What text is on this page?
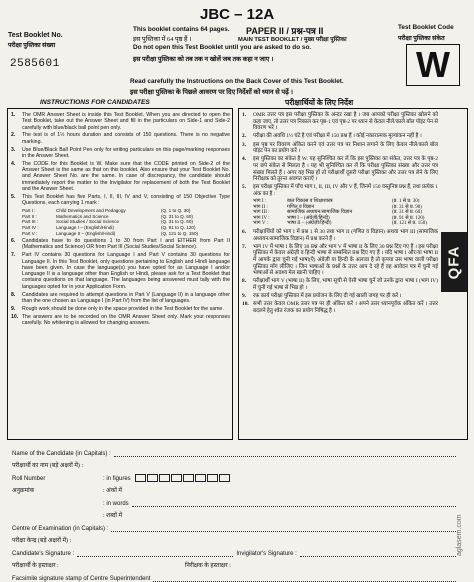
Test Booklet No.
परीक्षा पुस्तिका संख्या
2585601
JBC – 12A
This booklet contains 64 pages.
इस पुस्तिका में 64 पृष्ठ हैं ।
PAPER II / प्रश्न-पत्र II
MAIN TEST BOOKLET / मुख्य परीक्षा पुस्तिका
Do not open this Test Booklet until you are asked to do so.
इस परीक्षा पुस्तिका को तब तक न खोलें जब तक कहा न जाए ।
Read carefully the Instructions on the Back Cover of this Test Booklet.
इस परीक्षा पुस्तिका के पिछले आवरण पर दिए निर्देशों को ध्यान से पढ़ें ।
Test Booklet Code
परीक्षा पुस्तिका संकेत
W
INSTRUCTIONS FOR CANDIDATES	परीक्षार्थियों के लिए निर्देश
1.	The OMR Answer Sheet is inside this Test Booklet. When you are directed to open the Test Booklet, take out the Answer Sheet and fill in the particulars on Side-1 and Side-2 carefully with blue/black ball point pen only.
2.	The test is of 1½ hours duration and consists of 150 questions. There is no negative marking.
3.	Use Blue/Black Ball Point Pen only for writing particulars on this page/marking responses in the Answer Sheet.
4.	The CODE for this Booklet is W. Make sure that the CODE printed on Side-2 of the Answer Sheet is the same as that on this booklet. Also ensure that your Test Booklet No. and Answer Sheet No. are the same. In case of discrepancy, the candidate should immediately report the matter to the Invigilator for replacement of both the Test Booklet and the Answer Sheet.
5.	This Test Booklet has five Parts, I, II, III, IV and V, consisting of 150 Objective Type Questions, each carrying 1 mark :
Part I :	Child Development and Pedagogy	(Q. 1 to Q. 30)
Part II :	Mathematics and Science	(Q. 31 to Q. 60)
Part III :	Social Studies / Social Science	(Q. 31 to Q. 60)
Part IV :	Language I – (English/Hindi)	(Q. 91 to Q. 120)
Part V :	Language II – (English/Hindi)	(Q. 121 to Q. 150)
6.	Candidates have to do questions 1 to 30 from Part I and EITHER from Part II (Mathematics and Science) OR from Part III (Social Studies/Social Science).
7.	Part IV contains 30 questions for Language I and Part V contains 30 questions for Language II. In this Test Booklet, only questions pertaining to English and Hindi language have been given. In case the language(s) you have opted for as Language I and/or Language II is a language other than English or Hindi, please ask for a Test Booklet that contains questions on that language. The languages being answered must tally with the languages opted for in your Application Form.
8.	Candidates are required to attempt questions in Part V (Language II) in a language other than the one chosen as Language I (in Part IV) from the list of languages.
9.	Rough work should be done only in the space provided in the Test Booklet for the same.
10. The answers are to be recorded on the OMR Answer Sheet only. Mark your responses carefully. No whitening is allowed for changing answers.
1.	OMR उत्तर पत्र इस परीक्षा पुस्तिका के अन्दर रखा है । जब आपको परीक्षा पुस्तिका खोलने को कहा जाए, तो उत्तर पत्र निकाल कर पृष्ठ-1 एवं पृष्ठ-2 पर ध्यान से केवल नीले/काले बॉल पॉइंट पेन से विवरण भरें ।
2.	परीक्षा की अवधि 1½ घंटे है एवं परीक्षा में 150 प्रश्न हैं । कोई नकारात्मक मूल्यांकन नहीं है ।
3.	इस पृष्ठ पर विवरण अंकित करने एवं उत्तर पत्र पर निशान लगाने के लिए केवल नीले/काले बॉल पॉइंट पेन का प्रयोग करें ।
4.	इस पुस्तिका का संकेत है W. यह सुनिश्चित कर लें कि इस पुस्तिका का संकेत, उत्तर पत्र के पृष्ठ-2 पर छपे संकेत से मिलता है । यह भी सुनिश्चित कर लें कि परीक्षा पुस्तिका संख्या और उत्तर पत्र संख्या मिलते हैं । अगर यह भिन्न हों तो परीक्षार्थी दूसरी परीक्षा पुस्तिका और उत्तर पत्र लेने के लिए निरीक्षक को तुरन्त अवगत कराएँ ।
5.	इस परीक्षा पुस्तिका में पाँच भाग I, II, III, IV और V हैं, जिनमें 150 वस्तुनिष्ठ प्रश्न हैं, तथा प्रत्येक 1 अंक का है :
भाग I :	बाल विकास व शिक्षाशास्त्र	(प्र. 1 से प्र. 30)
भाग II :	गणित व विज्ञान	(प्र. 31 से प्र. 90)
भाग III :	सामाजिक अध्ययन/सामाजिक विज्ञान	(प्र. 31 से प्र. 60)
भाग IV :	भाषा I – (अंग्रेज़ी/हिन्दी)	(प्र. 91 से प्र. 120)
भाग V :	भाषा II – (अंग्रेज़ी/हिन्दी)	(प्र. 121 से प्र. 150)
6.	परीक्षार्थियों को भाग I में प्रश्न 1 से 30 तथा भाग II (गणित व विज्ञान) अथवा भाग III (सामाजिक अध्ययन/सामाजिक विज्ञान) में प्रश्न करने हैं ।
7.	भाग IV में भाषा I के लिए 30 प्रश्न और भाग V में भाषा II के लिए 30 प्रश्न दिए गए हैं । इस परीक्षा पुस्तिका में केवल अंग्रेज़ी व हिन्दी भाषा से सम्बन्धित प्रश्न दिए गए हैं । यदि भाषा I और/या भाषा II में आपके द्वारा चुनी गई भाषा(एँ) अंग्रेज़ी या हिन्दी के अलावा है तो कृपया उस भाषा वाली परीक्षा पुस्तिका माँग लीजिए । जिन भाषाओं के प्रश्नों के उत्तर आप दे रहे हैं वह आवेदन पत्र में चुनी गई भाषाओं से अवश्य मेल खानी चाहिए ।
8.	परीक्षार्थी भाग V (भाषा II) के लिए, भाषा सूची से ऐसी भाषा चुनें जो उनके द्वारा भाषा I (भाग IV) में चुनी गई भाषा से भिन्न हो ।
9.	रफ़ कार्य परीक्षा पुस्तिका में इस प्रयोजन के लिए दी गई खाली जगह पर ही करें ।
10. सभी उत्तर केवल OMR उत्तर पत्र पर ही अंकित करें । अपने उत्तर ध्यानपूर्वक अंकित करें । उत्तर बदलने हेतु श्वेत रंजक का प्रयोग निषिद्ध है ।
QFA
Name of the Candidate (in Capitals) :
परीक्षार्थी का नाम (बड़े अक्षरों में) :
Roll Number	: in figures
अनुक्रमांक	: अंकों में
: in words
: शब्दों में
Centre of Examination (in Capitals) :
परीक्षा केन्द्र (बड़े अक्षरों में) :
Candidate's Signature :	Invigilator's Signature :
परीक्षार्थी के हस्ताक्षर :	निरीक्षक के हस्ताक्षर :
Facsimile signature stamp of Centre Superintendent
aglasem.com
